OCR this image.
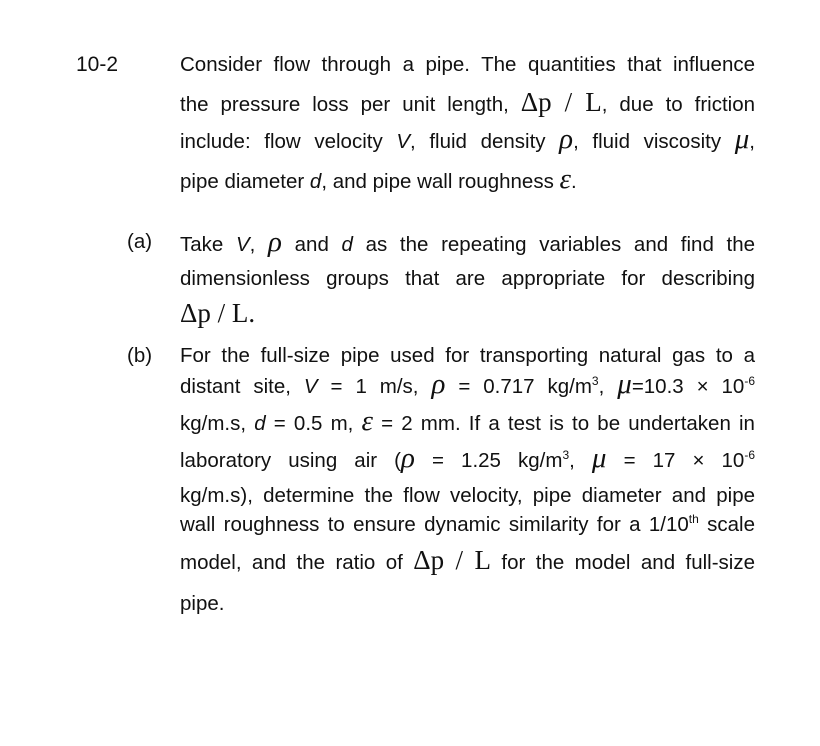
10-2	Consider flow through a pipe. The quantities that influence
the pressure loss per unit length, Δp / L, due to friction
include: flow velocity V, fluid density ρ, fluid viscosity μ,
pipe diameter d, and pipe wall roughness ε.
(a) Take V, ρ and d as the repeating variables and find the
dimensionless groups that are appropriate for describing
Δp / L.
(b) For the full-size pipe used for transporting natural gas to a
distant site, V = 1 m/s, ρ = 0.717 $kg/m^3$, $\mu=10.3 \times 10^{-6}$
kg/m.s, d = 0.5 m, ε = 2 mm. If a test is to be undertaken in
laboratory using air (ρ = 1.25 $kg/m^3$, $\mu = 17 \times 10^{-6}$
kg/m.s), determine the flow velocity, pipe diameter and pipe
wall roughness to ensure dynamic similarity for a 1/10th scale
model, and the ratio of Δp / L for the model and full-size
pipe.
